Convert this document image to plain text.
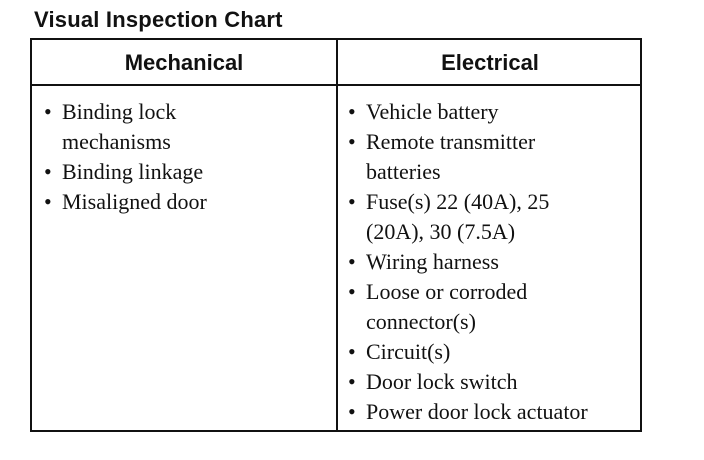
Visual Inspection Chart
Mechanical	Electrical
• Binding lock
mechanisms
• Binding linkage
• Misaligned door
• Vehicle battery
• Remote transmitter
batteries
• Fuse(s) 22 (40A), 25
(20A), 30 (7.5A)
• Wiring harness
• Loose or corroded
connector(s)
• Circuit(s)
• Door lock switch
• Power door lock actuator
